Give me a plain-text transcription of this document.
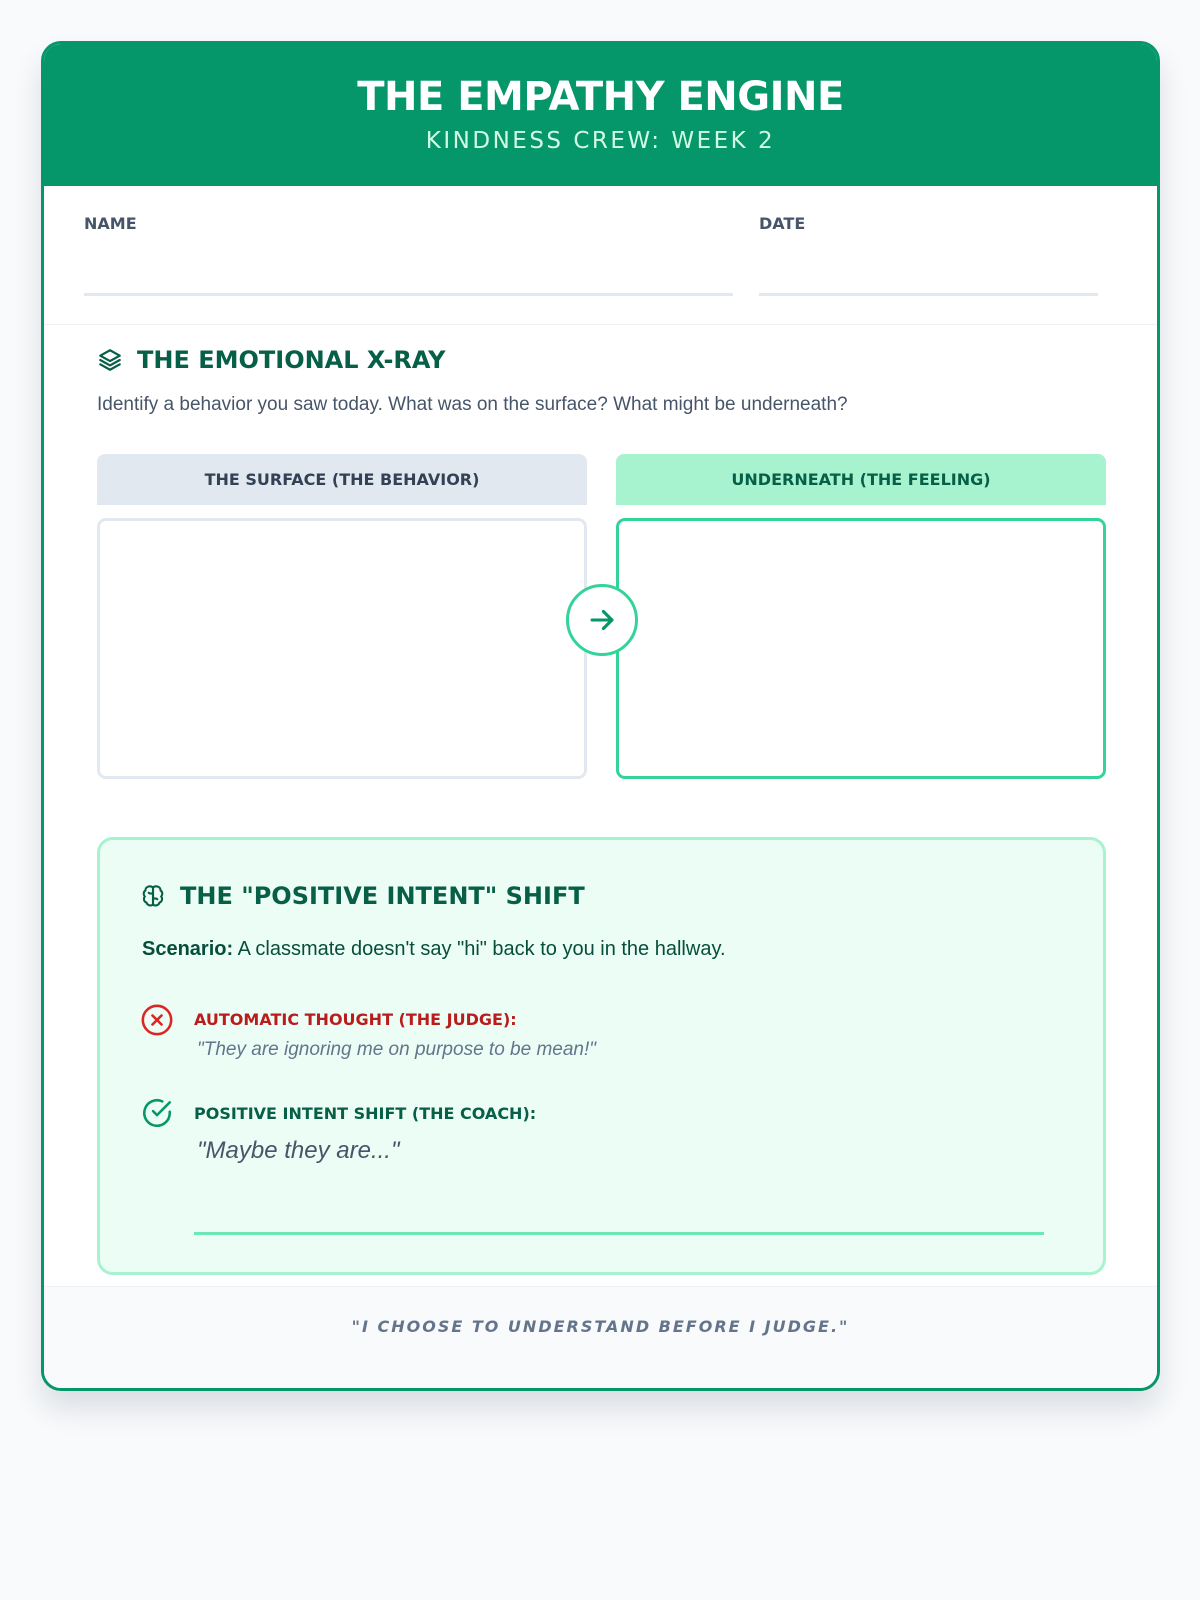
THE EMPATHY ENGINE
KINDNESS CREW: WEEK 2
NAME	DATE
THE EMOTIONAL X-RAY
Identify a behavior you saw today. What was on the surface? What might be underneath?
THE SURFACE (THE BEHAVIOR)	UNDERNEATH (THE FEELING)
THE "POSITIVE INTENT" SHIFT
Scenario: A classmate doesn't say "hi" back to you in the hallway.
AUTOMATIC THOUGHT (THE JUDGE):
"They are ignoring me on purpose to be mean!"
POSITIVE INTENT SHIFT (THE COACH):
"Maybe they are..."
"I CHOOSE TO UNDERSTAND BEFORE I JUDGE."
